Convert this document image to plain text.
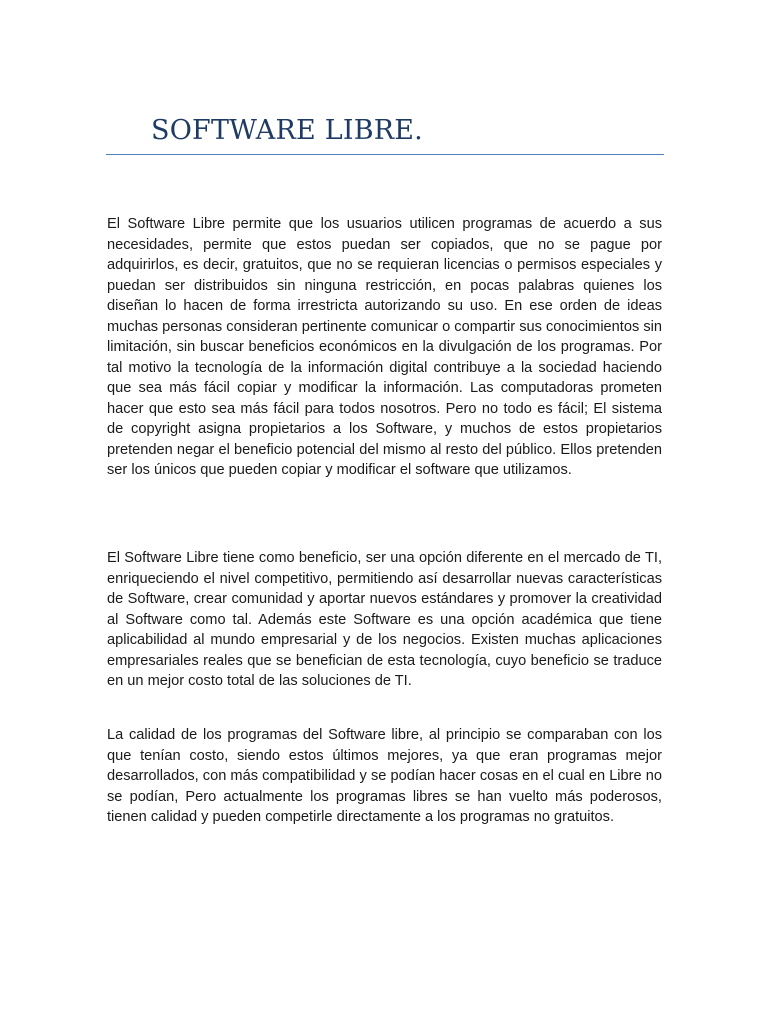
SOFTWARE LIBRE.

El Software Libre permite que los usuarios utilicen programas de acuerdo a sus necesidades, permite que estos puedan ser copiados, que no se pague por adquirirlos, es decir, gratuitos, que no se requieran licencias o permisos especiales y puedan ser distribuidos sin ninguna restricción, en pocas palabras quienes los diseñan lo hacen de forma irrestricta autorizando su uso. En ese orden de ideas muchas personas consideran pertinente comunicar o compartir sus conocimientos sin limitación, sin buscar beneficios económicos en la divulgación de los programas. Por tal motivo la tecnología de la información digital contribuye a la sociedad haciendo que sea más fácil copiar y modificar la información. Las computadoras prometen hacer que esto sea más fácil para todos nosotros. Pero no todo es fácil; El sistema de copyright asigna propietarios a los Software, y muchos de estos propietarios pretenden negar el beneficio potencial del mismo al resto del público. Ellos pretenden ser los únicos que pueden copiar y modificar el software que utilizamos.

El Software Libre tiene como beneficio, ser una opción diferente en el mercado de TI, enriqueciendo el nivel competitivo, permitiendo así desarrollar nuevas características de Software, crear comunidad y aportar nuevos estándares y promover la creatividad al Software como tal. Además este Software es una opción académica que tiene aplicabilidad al mundo empresarial y de los negocios. Existen muchas aplicaciones empresariales reales que se benefician de esta tecnología, cuyo beneficio se traduce en un mejor costo total de las soluciones de TI.

La calidad de los programas del Software libre, al principio se comparaban con los que tenían costo, siendo estos últimos mejores, ya que eran programas mejor desarrollados, con más compatibilidad y se podían hacer cosas en el cual en Libre no se podían, Pero actualmente los programas libres se han vuelto más poderosos, tienen calidad y pueden competirle directamente a los programas no gratuitos.
